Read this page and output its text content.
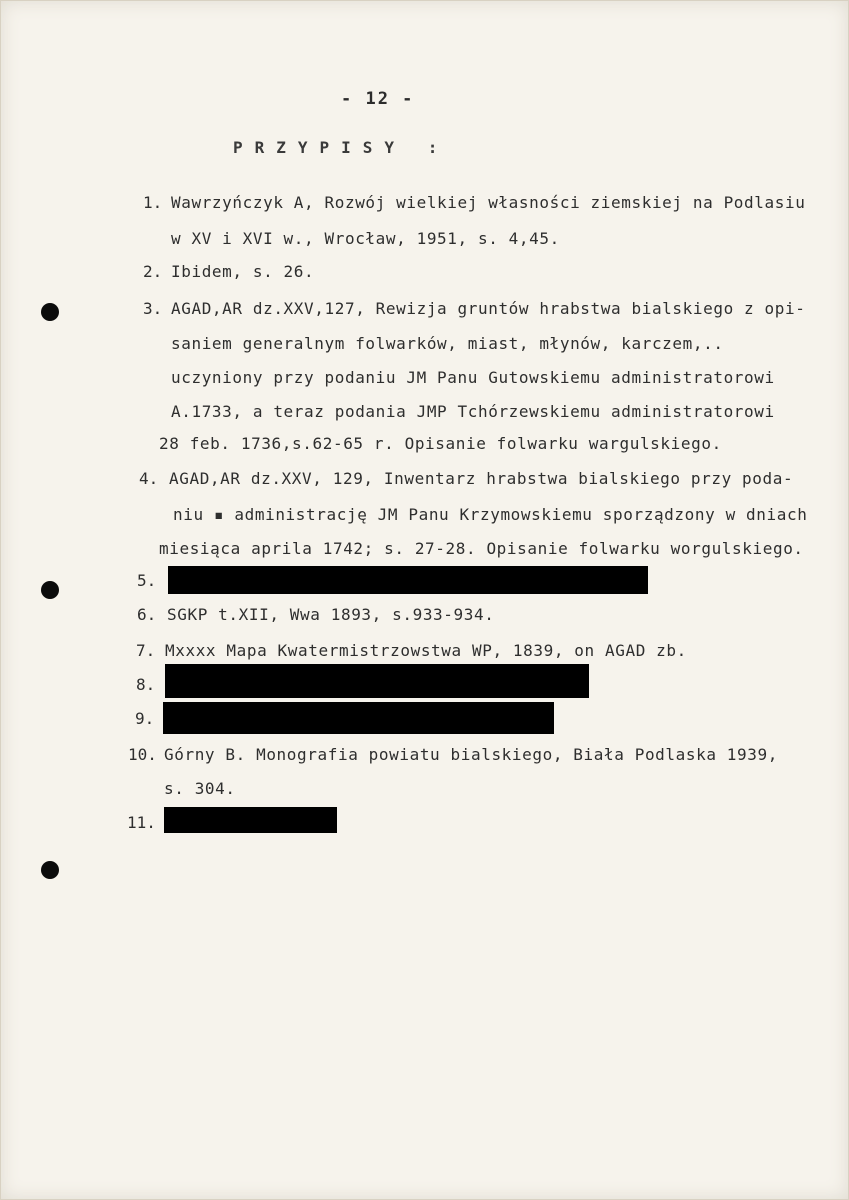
- 12 -
PRZYPISY :
1. Wawrzyńczyk A, Rozwój wielkiej własności ziemskiej na Podlasiu
w XV i XVI w., Wrocław, 1951, s. 4,45.
2. Ibidem, s. 26.
3. AGAD,AR dz.XXV,127, Rewizja gruntów hrabstwa bialskiego z opi-
saniem generalnym folwarków, miast, młynów, karczem,..
uczyniony przy podaniu JM Panu Gutowskiemu administratorowi
A.1733, a teraz podania JMP Tchórzewskiemu administratorowi
28 feb. 1736,s.62-65 r. Opisanie folwarku wargulskiego.
4. AGAD,AR dz.XXV, 129, Inwentarz hrabstwa bialskiego przy poda-
niu ▪ administrację JM Panu Krzymowskiemu sporządzony w dniach
miesiąca aprila 1742; s. 27-28. Opisanie folwarku worgulskiego.
5.
6. SGKP t.XII, Wwa 1893, s.933-934.
7. Mxxxx Mapa Kwatermistrzowstwa WP, 1839, on AGAD zb.
8.
9.
10. Górny B. Monografia powiatu bialskiego, Biała Podlaska 1939,
s. 304.
11.
